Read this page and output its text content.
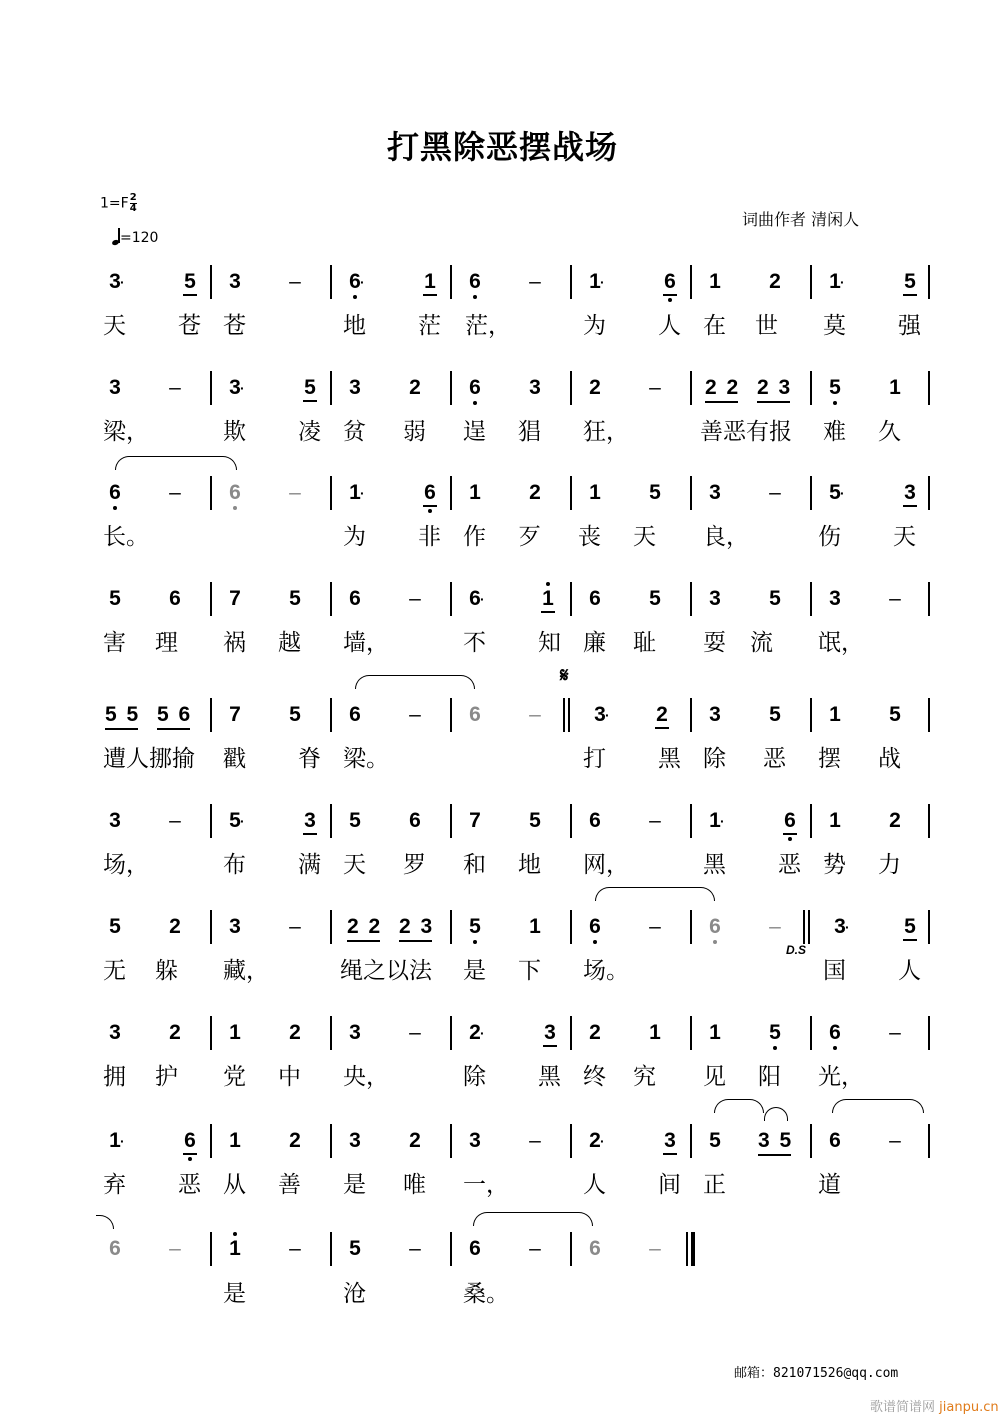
打黑除恶摆战场
$1=F \frac{2}{4}$
=120
词曲作者 清闲人
3 ·	5 3 – 6 ·	1 6 – 1 ·	6 1 2 1 ·	5
天 苍 苍	地 茫 茫，	为 人 在 世 莫 强
3 – 3 ·	5 3 2 6 3 2 – 2 2 2 3 5 1
梁，	欺 凌 贫 弱 逞 猖 狂，	善恶有报 难 久
6 – 6 – 1 ·	6 1 2 1 5 3 – 5 ·	3
长。	为 非 作 歹 丧 天 良，	伤 天
5 6 7 5 6 – 6 ·	1 6 5 3 5 3 –
害 理 祸 越 墙，	不 知 廉 耻 耍 流 氓，
5 5 5 6 7 5 6 – 6 –
𝄋
3 · 2 3 5 1 5
遭人挪揄 戳 脊 梁。	打 黑 除 恶 摆 战
3 – 5 ·	3 5 6 7 5 6 – 1 ·	6 1 2
场，	布 满 天 罗 和 地 网，	黑 恶 势 力
5 2 3 – 2 2 2 3 5 1 6 – 6 –	3 ·	5
D.S
无 躲 藏，	绳之以法 是 下 场。	国 人
3 2 1 2 3 – 2 ·	3 2 1 1 5 6 –
拥 护 党 中 央，	除 黑 终 究 见 阳 光，
1 ·	6 1 2 3 2 3 – 2 ·	3 5 3 5 6 –
弃 恶 从 善 是 唯 一，	人 间 正	道
6 – 1 – 5 – 6 – 6 –
是	沧	桑。
邮箱：821071526@qq.com
歌谱简谱网 jianpu.cn
